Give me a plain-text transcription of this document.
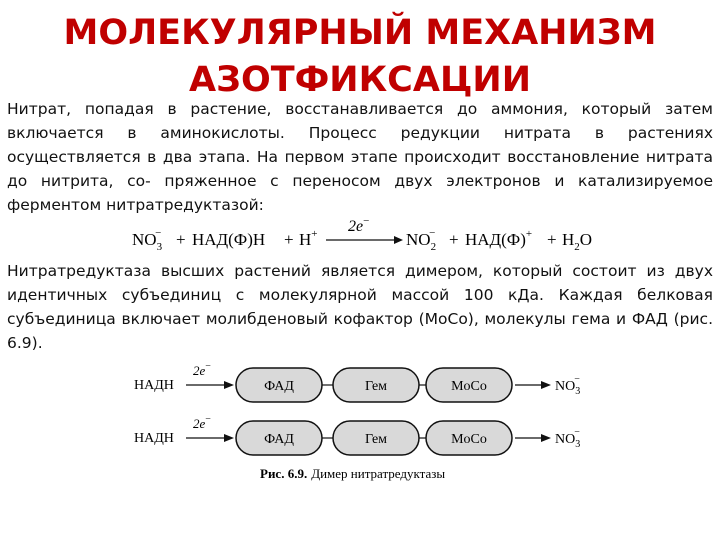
МОЛЕКУЛЯРНЫЙ МЕХАНИЗМ
АЗОТФИКСАЦИИ

Нитрат, попадая в растение, восстанавливается до аммония, который затем включается в аминокислоты. Процесс редукции нитрата в растениях осуществляется в два этапа. На первом этапе происходит восстановление нитрата до нитрита, со- пряженное с переносом двух электронов и катализируемое ферментом нитратредуктазой:

$NO_3- + НАД(Ф)Н + H^+$ 2e−
$NO_2- + НАД(Ф)^+ + H_2O$

Нитратредуктаза высших растений является димером, который состоит из двух идентичных субъединиц с молекулярной массой 100 кДа. Каждая белковая субъединица включает молибденовый кофактор (MoCo), молекулы гема и ФАД (рис. 6.9).

НАДН
2e−
ФАД	Гем	MoCo	$NO_3-$
НАДН
2e−
ФАД	Гем	MoCo	$NO_3-$
Рис. 6.9. Димер нитратредуктазы
